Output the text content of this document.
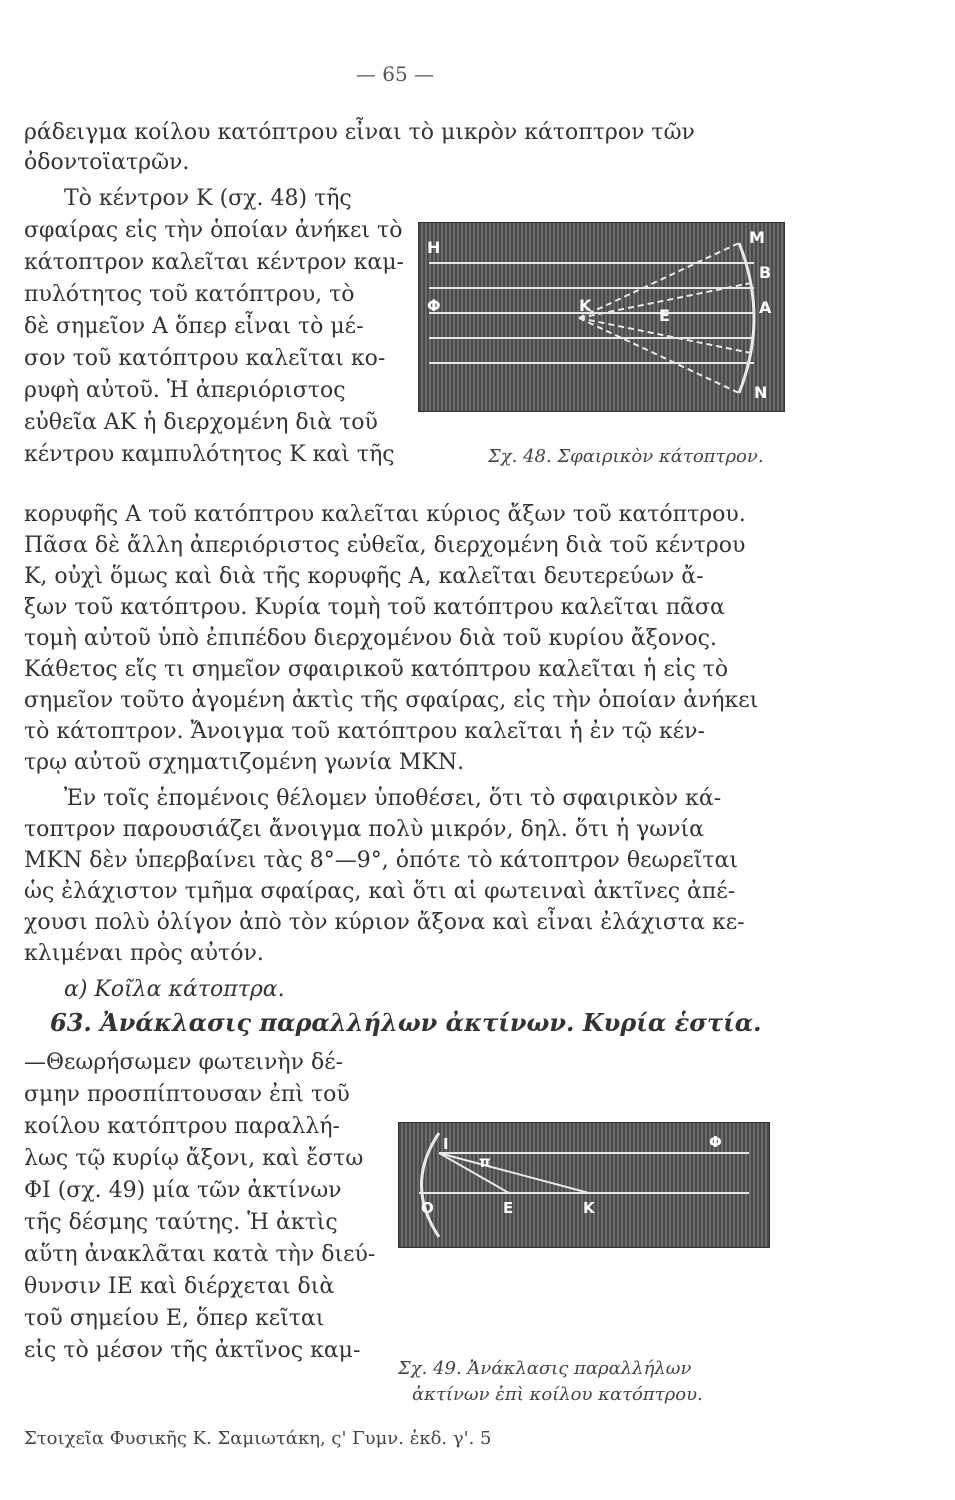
— 65 —
ράδειγμα κοίλου κατόπτρου εἶναι τὸ μικρὸν κάτοπτρον τῶν
ὀδοντοϊατρῶν.
Τὸ κέντρον Κ (σχ. 48) τῆς
σφαίρας εἰς τὴν ὁποίαν ἀνήκει τὸ
κάτοπτρον καλεῖται κέντρον καμ-
πυλότητος τοῦ κατόπτρου, τὸ
δὲ σημεῖον Α ὅπερ εἶναι τὸ μέ-
σον τοῦ κατόπτρου καλεῖται κο-
ρυφὴ αὐτοῦ. Ἡ ἀπεριόριστος
εὐθεῖα ΑΚ ἡ διερχομένη διὰ τοῦ
κέντρου καμπυλότητος Κ καὶ τῆς
Η
Φ	Κ
Ε
Μ
Β
Α
Ν
Σχ. 48. Σφαιρικὸν κάτοπτρον.
κορυφῆς Α τοῦ κατόπτρου καλεῖται κύριος ἄξων τοῦ κατόπτρου.
Πᾶσα δὲ ἄλλη ἀπεριόριστος εὐθεῖα, διερχομένη διὰ τοῦ κέντρου
Κ, οὐχὶ ὅμως καὶ διὰ τῆς κορυφῆς Α, καλεῖται δευτερεύων ἄ-
ξων τοῦ κατόπτρου. Κυρία τομὴ τοῦ κατόπτρου καλεῖται πᾶσα
τομὴ αὐτοῦ ὑπὸ ἐπιπέδου διερχομένου διὰ τοῦ κυρίου ἄξονος.
Κάθετος εἴς τι σημεῖον σφαιρικοῦ κατόπτρου καλεῖται ἡ εἰς τὸ
σημεῖον τοῦτο ἀγομένη ἀκτὶς τῆς σφαίρας, εἰς τὴν ὁποίαν ἀνήκει
τὸ κάτοπτρον. Ἄνοιγμα τοῦ κατόπτρου καλεῖται ἡ ἐν τῷ κέν-
τρῳ αὐτοῦ σχηματιζομένη γωνία ΜΚΝ.
Ἐν τοῖς ἑπομένοις θέλομεν ὑποθέσει, ὅτι τὸ σφαιρικὸν κά-
τοπτρον παρουσιάζει ἄνοιγμα πολὺ μικρόν, δηλ. ὅτι ἡ γωνία
ΜΚΝ δὲν ὑπερβαίνει τὰς 8°—9°, ὁπότε τὸ κάτοπτρον θεωρεῖται
ὡς ἐλάχιστον τμῆμα σφαίρας, καὶ ὅτι αἱ φωτειναὶ ἀκτῖνες ἀπέ-
χουσι πολὺ ὀλίγον ἀπὸ τὸν κύριον ἄξονα καὶ εἶναι ἐλάχιστα κε-
κλιμέναι πρὸς αὐτόν.
α) Κοῖλα κάτοπτρα.
63. Ἀνάκλασις παραλλήλων ἀκτίνων. Κυρία ἑστία.
—Θεωρήσωμεν φωτεινὴν δέ-
σμην προσπίπτουσαν ἐπὶ τοῦ
κοίλου κατόπτρου παραλλή-
λως τῷ κυρίῳ ἄξονι, καὶ ἔστω
ΦΙ (σχ. 49) μία τῶν ἀκτίνων
τῆς δέσμης ταύτης. Ἡ ἀκτὶς
αὕτη ἀνακλᾶται κατὰ τὴν διεύ-
θυνσιν ΙΕ καὶ διέρχεται διὰ
τοῦ σημείου Ε, ὅπερ κεῖται
εἰς τὸ μέσον τῆς ἀκτῖνος καμ-
Ι	Φ
Ο	Ε	Κ
π
Σχ. 49. Ἀνάκλασις παραλλήλων
ἀκτίνων ἐπὶ κοίλου κατόπτρου.
Στοιχεῖα Φυσικῆς Κ. Σαμιωτάκη, ς' Γυμν. ἐκδ. γ'. 5
